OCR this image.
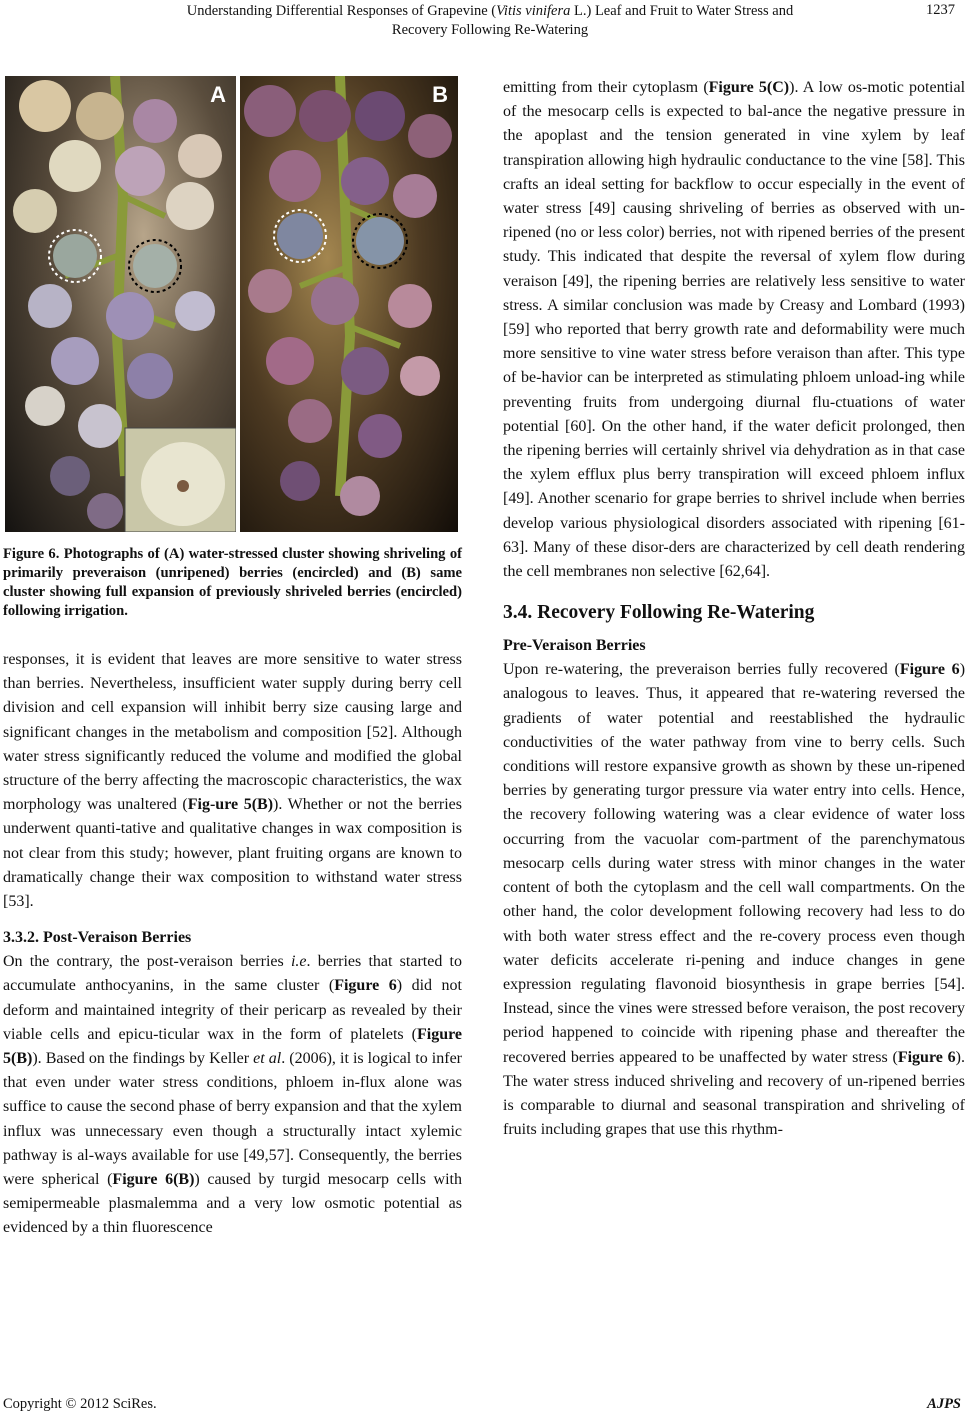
Understanding Differential Responses of Grapevine (Vitis vinifera L.) Leaf and Fruit to Water Stress and
Recovery Following Re-Watering
1237
A	B

Figure 6. Photographs of (A) water-stressed cluster showing shriveling of primarily preveraison (unripened) berries (encircled) and (B) same cluster showing full expansion of previously shriveled berries (encircled) following irrigation.

responses, it is evident that leaves are more sensitive to water stress than berries. Nevertheless, insufficient water supply during berry cell division and cell expansion will inhibit berry size causing large and significant changes in the metabolism and composition [52]. Although water stress significantly reduced the volume and modified the global structure of the berry affecting the macroscopic characteristics, the wax morphology was unaltered (Fig-ure 5(B)). Whether or not the berries underwent quanti-tative and qualitative changes in wax composition is not clear from this study; however, plant fruiting organs are known to dramatically change their wax composition to withstand water stress [53].

3.3.2. Post-Veraison Berries

On the contrary, the post-veraison berries i.e. berries that started to accumulate anthocyanins, in the same cluster (Figure 6) did not deform and maintained integrity of their pericarp as revealed by their viable cells and epicu-ticular wax in the form of platelets (Figure 5(B)). Based on the findings by Keller et al. (2006), it is logical to infer that even under water stress conditions, phloem in-flux alone was suffice to cause the second phase of berry expansion and that the xylem influx was unnecessary even though a structurally intact xylemic pathway is al-ways available for use [49,57]. Consequently, the berries were spherical (Figure 6(B)) caused by turgid mesocarp cells with semipermeable plasmalemma and a very low osmotic potential as evidenced by a thin fluorescence

emitting from their cytoplasm (Figure 5(C)). A low os-motic potential of the mesocarp cells is expected to bal-ance the negative pressure in the apoplast and the tension generated in vine xylem by leaf transpiration allowing high hydraulic conductance to the vine [58]. This crafts an ideal setting for backflow to occur especially in the event of water stress [49] causing shriveling of berries as observed with un-ripened (no or less color) berries, not with ripened berries of the present study. This indicated that despite the reversal of xylem flow during veraison [49], the ripening berries are relatively less sensitive to water stress. A similar conclusion was made by Creasy and Lombard (1993) [59] who reported that berry growth rate and deformability were much more sensitive to vine water stress before veraison than after. This type of be-havior can be interpreted as stimulating phloem unload-ing while preventing fruits from undergoing diurnal flu-ctuations of water potential [60]. On the other hand, if the water deficit prolonged, then the ripening berries will certainly shrivel via dehydration as in that case the xylem efflux plus berry transpiration will exceed phloem influx [49]. Another scenario for grape berries to shrivel include when berries develop various physiological disorders associated with ripening [61-63]. Many of these disor-ders are characterized by cell death rendering the cell membranes non selective [62,64].

3.4. Recovery Following Re-Watering
Pre-Veraison Berries

Upon re-watering, the preveraison berries fully recovered (Figure 6) analogous to leaves. Thus, it appeared that re-watering reversed the gradients of water potential and reestablished the hydraulic conductivities of the water pathway from vine to berry cells. Such conditions will restore expansive growth as shown by these un-ripened berries by generating turgor pressure via water entry into cells. Hence, the recovery following watering was a clear evidence of water loss occurring from the vacuolar com-partment of the parenchymatous mesocarp cells during water stress with minor changes in the water content of both the cytoplasm and the cell wall compartments. On the other hand, the color development following recovery had less to do with both water stress effect and the re-covery process even though water deficits accelerate ri-pening and induce changes in gene expression regulating flavonoid biosynthesis in grape berries [54]. Instead, since the vines were stressed before veraison, the post recovery period happened to coincide with ripening phase and thereafter the recovered berries appeared to be unaffected by water stress (Figure 6). The water stress induced shriveling and recovery of un-ripened berries is comparable to diurnal and seasonal transpiration and shriveling of fruits including grapes that use this rhythm-

Copyright © 2012 SciRes.	AJPS
